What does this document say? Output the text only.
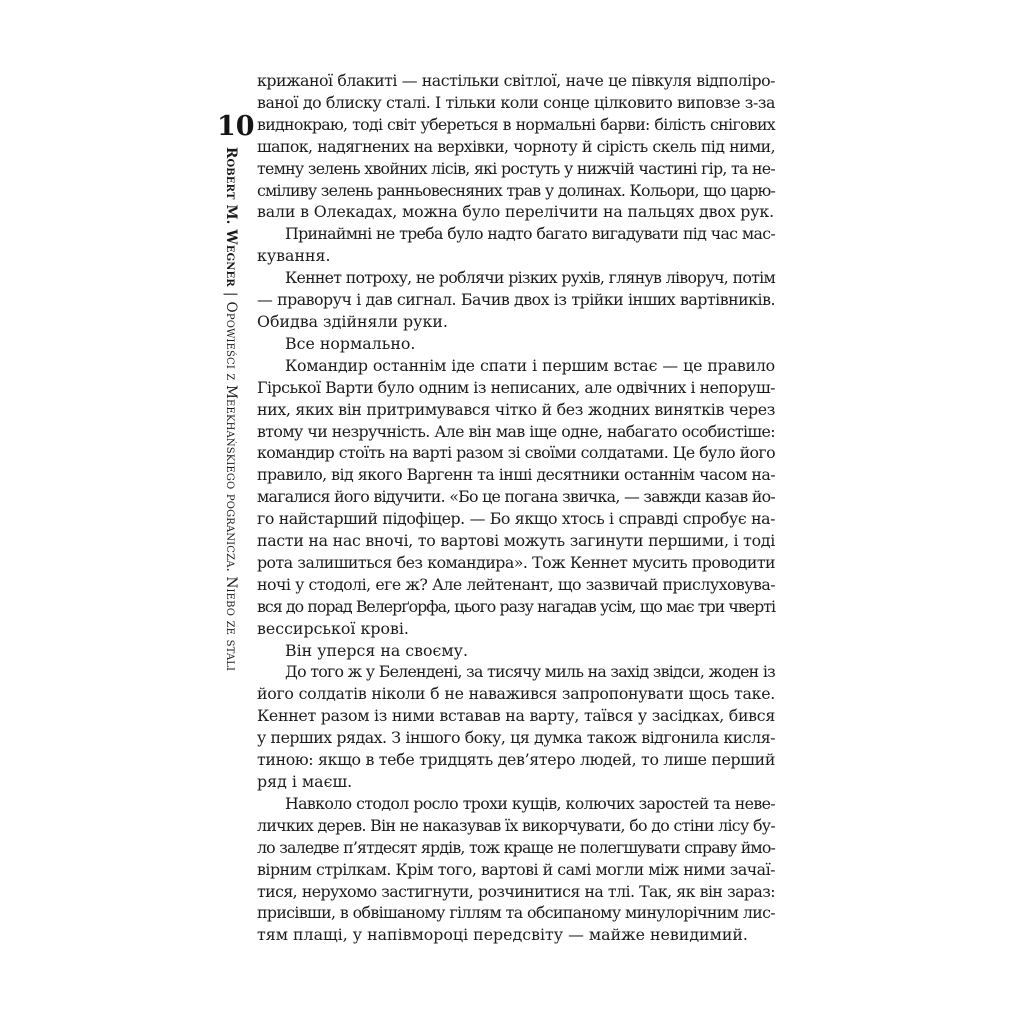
10
Robert M. Wegner|Opowieści z Meekhańskiego pogranicza. Niebo ze stali
крижаної блакиті — настільки світлої, наче це півкуля відполіро-
ваної до блиску сталі. І тільки коли сонце цілковито виповзе з-за
виднокраю, тоді світ убереться в нормальні барви: білість снігових
шапок, надягнених на верхівки, чорноту й сірість скель під ними,
темну зелень хвойних лісів, які ростуть у нижчій частині гір, та не-
сміливу зелень ранньовесняних трав у долинах. Кольори, що царю-
вали в Олекадах, можна було перелічити на пальцях двох рук.
Принаймні не треба було надто багато вигадувати під час мас-
кування.
Кеннет потроху, не роблячи різких рухів, глянув ліворуч, потім
— праворуч і дав сигнал. Бачив двох із трійки інших вартівників.
Обидва здійняли руки.
Все нормально.
Командир останнім іде спати і першим встає — це правило
Гірської Варти було одним із неписаних, але одвічних і непоруш-
них, яких він притримувався чітко й без жодних винятків через
втому чи незручність. Але він мав іще одне, набагато особистіше:
командир стоїть на варті разом зі своїми солдатами. Це було його
правило, від якого Варгенн та інші десятники останнім часом на-
магалися його відучити. «Бо це погана звичка, — завжди казав йо-
го найстарший підофіцер. — Бо якщо хтось і справді спробує на-
пасти на нас вночі, то вартові можуть загинути першими, і тоді
рота залишиться без командира». Тож Кеннет мусить проводити
ночі у стодолі, еге ж? Але лейтенант, що зазвичай прислуховува-
вся до порад Велерґорфа, цього разу нагадав усім, що має три чверті
вессирської крові.
Він уперся на своєму.
До того ж у Белендені, за тисячу миль на захід звідси, жоден із
його солдатів ніколи б не наважився запропонувати щось таке.
Кеннет разом із ними вставав на варту, таївся у засідках, бився
у перших рядах. З іншого боку, ця думка також відгонила кисля-
тиною: якщо в тебе тридцять дев’ятеро людей, то лише перший
ряд і маєш.
Навколо стодол росло трохи кущів, колючих заростей та неве-
личких дерев. Він не наказував їх викорчувати, бо до стіни лісу бу-
ло заледве п’ятдесят ярдів, тож краще не полегшувати справу ймо-
вірним стрілкам. Крім того, вартові й самі могли між ними зачаї-
тися, нерухомо застигнути, розчинитися на тлі. Так, як він зараз:
присівши, в обвішаному гіллям та обсипаному минулорічним лис-
тям плащі, у напівмороці передсвіту — майже невидимий.
